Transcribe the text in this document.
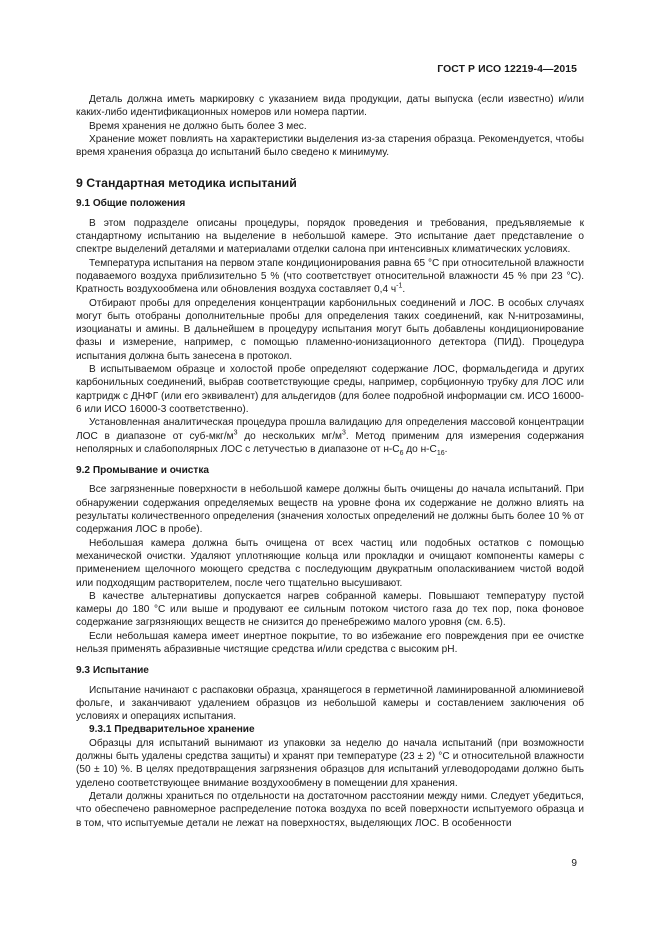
ГОСТ Р ИСО 12219-4—2015

Деталь должна иметь маркировку с указанием вида продукции, даты выпуска (если известно) и/или каких-либо идентификационных номеров или номера партии.

Время хранения не должно быть более 3 мес.

Хранение может повлиять на характеристики выделения из-за старения образца. Рекомендуется, чтобы время хранения образца до испытаний было сведено к минимуму.

9 Стандартная методика испытаний

9.1 Общие положения

В этом подразделе описаны процедуры, порядок проведения и требования, предъявляемые к стандартному испытанию на выделение в небольшой камере. Это испытание дает представление о спектре выделений деталями и материалами отделки салона при интенсивных климатических условиях.

Температура испытания на первом этапе кондиционирования равна 65 °С при относительной влажности подаваемого воздуха приблизительно 5 % (что соответствует относительной влажности 45 % при 23 °С). Кратность воздухообмена или обновления воздуха составляет 0,4 $ч^{-1}$.

Отбирают пробы для определения концентрации карбонильных соединений и ЛОС. В особых случаях могут быть отобраны дополнительные пробы для определения таких соединений, как N-нитрозамины, изоцианаты и амины. В дальнейшем в процедуру испытания могут быть добавлены кондиционирование фазы и измерение, например, с помощью пламенно-ионизационного детектора (ПИД). Процедура испытания должна быть занесена в протокол.

В испытываемом образце и холостой пробе определяют содержание ЛОС, формальдегида и других карбонильных соединений, выбрав соответствующие среды, например, сорбционную трубку для ЛОС или картридж с ДНФГ (или его эквивалент) для альдегидов (для более подробной информации см. ИСО 16000-6 или ИСО 16000-3 соответственно).

Установленная аналитическая процедура прошла валидацию для определения массовой концентрации ЛОС в диапазоне от суб-$мкг/м^3$ до нескольких $мг/м^3$. Метод применим для измерения содержания неполярных и слабополярных ЛОС с летучестью в диапазоне от $н-С_6$ до $н-С_{16}$.

9.2 Промывание и очистка

Все загрязненные поверхности в небольшой камере должны быть очищены до начала испытаний. При обнаружении содержания определяемых веществ на уровне фона их содержание не должно влиять на результаты количественного определения (значения холостых определений не должны быть более 10 % от содержания ЛОС в пробе).

Небольшая камера должна быть очищена от всех частиц или подобных остатков с помощью механической очистки. Удаляют уплотняющие кольца или прокладки и очищают компоненты камеры с применением щелочного моющего средства с последующим двукратным ополаскиванием чистой водой или подходящим растворителем, после чего тщательно высушивают.

В качестве альтернативы допускается нагрев собранной камеры. Повышают температуру пустой камеры до 180 °С или выше и продувают ее сильным потоком чистого газа до тех пор, пока фоновое содержание загрязняющих веществ не снизится до пренебрежимо малого уровня (см. 6.5).

Если небольшая камера имеет инертное покрытие, то во избежание его повреждения при ее очистке нельзя применять абразивные чистящие средства и/или средства с высоким рН.

9.3 Испытание

Испытание начинают с распаковки образца, хранящегося в герметичной ламинированной алюминиевой фольге, и заканчивают удалением образцов из небольшой камеры и составлением заключения об условиях и операциях испытания.

9.3.1 Предварительное хранение

Образцы для испытаний вынимают из упаковки за неделю до начала испытаний (при возможности должны быть удалены средства защиты) и хранят при температуре (23 ± 2) °С и относительной влажности (50 ± 10) %. В целях предотвращения загрязнения образцов для испытаний углеводородами должно быть уделено соответствующее внимание воздухообмену в помещении для хранения.

Детали должны храниться по отдельности на достаточном расстоянии между ними. Следует убедиться, что обеспечено равномерное распределение потока воздуха по всей поверхности испытуемого образца и в том, что испытуемые детали не лежат на поверхностях, выделяющих ЛОС. В особенности

9
